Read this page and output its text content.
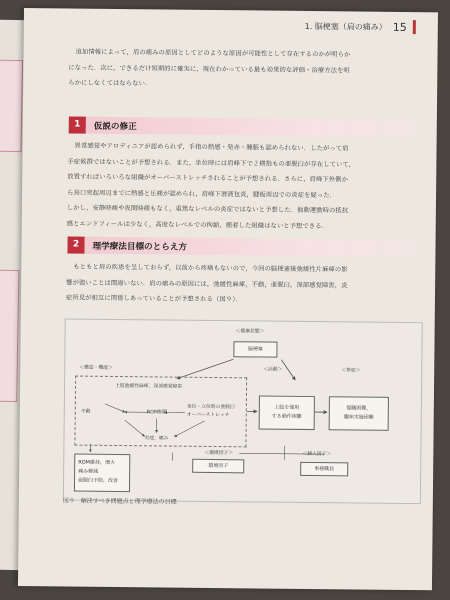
1. 脳梗塞（肩の痛み） 15

追加情報によって，肩の痛みの原因としてどのような原因が可能性として存在するのかが明らか

になった．次に，できるだけ短期的に確実に，現在わかっている最も効果的な評価・治療方法を明

らかにしなくてはならない．

1	仮説の修正

異常感覚やアロディニアが認められず，手指の熱感・発赤・腫脹も認められない．したがって肩

手症候群ではないことが予想される．また，坐位時には肩峰下で２横指もの亜脱臼が存在していて，

放置すればいろいろな組織がオーバーストレッチされることが予想される．さらに，肩峰下外側か

ら烏口突起周辺までに熱感と圧痛が認められ，肩峰下滑液包炎，腱板周辺での炎症を疑った．

しかし，安静時痛や夜間時痛もなく，重篤なレベルの炎症ではないと予想した．他動運動時の抵抗

感とエンドフィールは少なく，高度なレベルでの拘縮，癒着した組織はないと予想できる．

2	理学療法目標のとらえ方

もともと肩の疾患を呈しておらず，以前から疼痛もないので，今回の脳梗塞後弛緩性片麻痺の影

響が強いことは間違いない．肩の痛みの原因には，弛緩性麻痺，不動，亜脱臼，深部感覚障害，炎

症所見が相互に関係しあっていることが予想される（図９）．

＜健康状態＞
脳梗塞
＜構造・機能＞
上肢弛緩性麻痺，深部感覚障害
不動	ROM制限
坐位・立位時の亜脱臼
オーバーストレッチ
炎症，痛み
＜活動＞
上肢を使用
する動作困難
＜参加＞
復職困難，
趣味実施困難
ROM維持，増大
痛み軽減
亜脱臼予防，改善
＜環境因子＞
環境因子
＜個人因子＞
事務職員
図９ 解決すべき問題点と理学療法の目標
